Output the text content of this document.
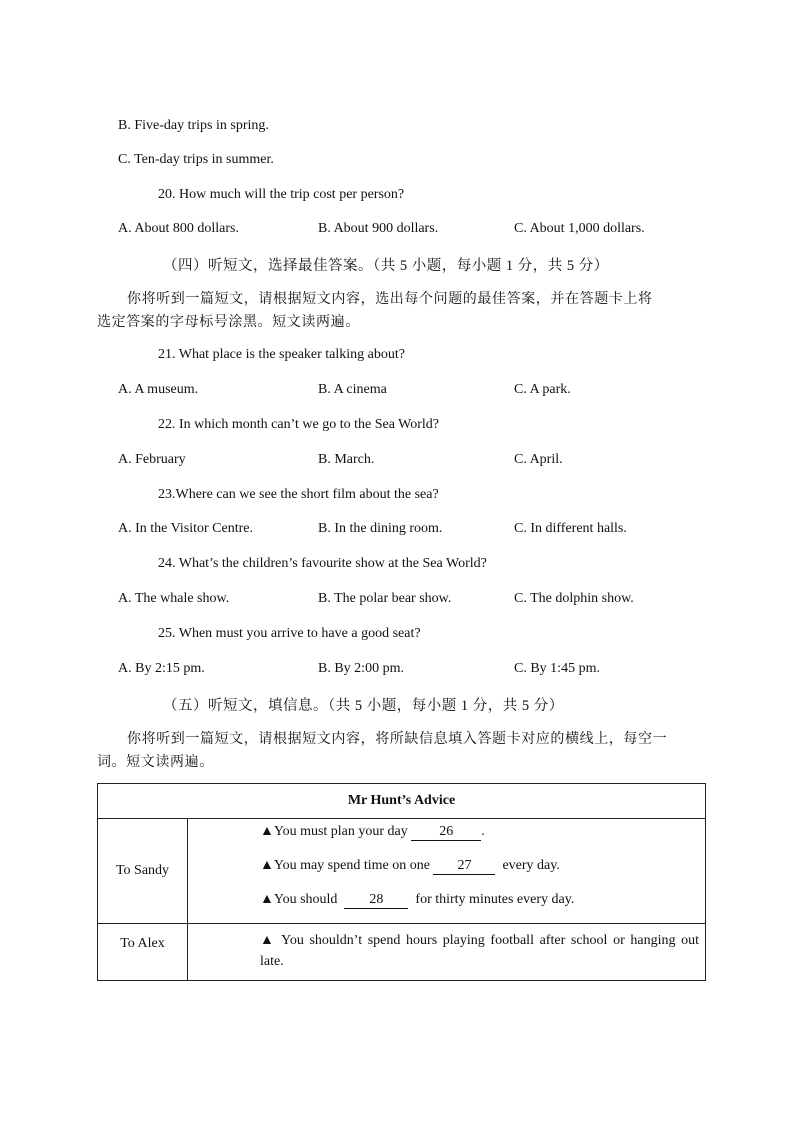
B. Five-day trips in spring.
C. Ten-day trips in summer.
20. How much will the trip cost per person?
A. About 800 dollars.	B. About 900 dollars.	C. About 1,000 dollars.
（四）听短文，选择最佳答案。（共 5 小题，每小题 1 分，共 5 分）
你将听到一篇短文，请根据短文内容，选出每个问题的最佳答案，并在答题卡上将
选定答案的字母标号涂黑。短文读两遍。
21. What place is the speaker talking about?
A. A museum.	B. A cinema	C. A park.
22. In which month can’t we go to the Sea World?
A. February	B. March.	C. April.
23.Where can we see the short film about the sea?
A. In the Visitor Centre.	B. In the dining room.	C. In different halls.
24. What’s the children’s favourite show at the Sea World?
A. The whale show.	B. The polar bear show.	C. The dolphin show.
25. When must you arrive to have a good seat?
A. By 2:15 pm.	B. By 2:00 pm.	C. By 1:45 pm.
（五）听短文，填信息。（共 5 小题，每小题 1 分，共 5 分）
你将听到一篇短文，请根据短文内容，将所缺信息填入答题卡对应的横线上，每空一
词。短文读两遍。
Mr Hunt’s Advice	
To Sandy	▲You must plan your day 26 .
▲You may spend time on one 27 every day.
▲You should 28 for thirty minutes every day.

To Alex	▲ You shouldn’t spend hours playing football after school or hanging out late.
